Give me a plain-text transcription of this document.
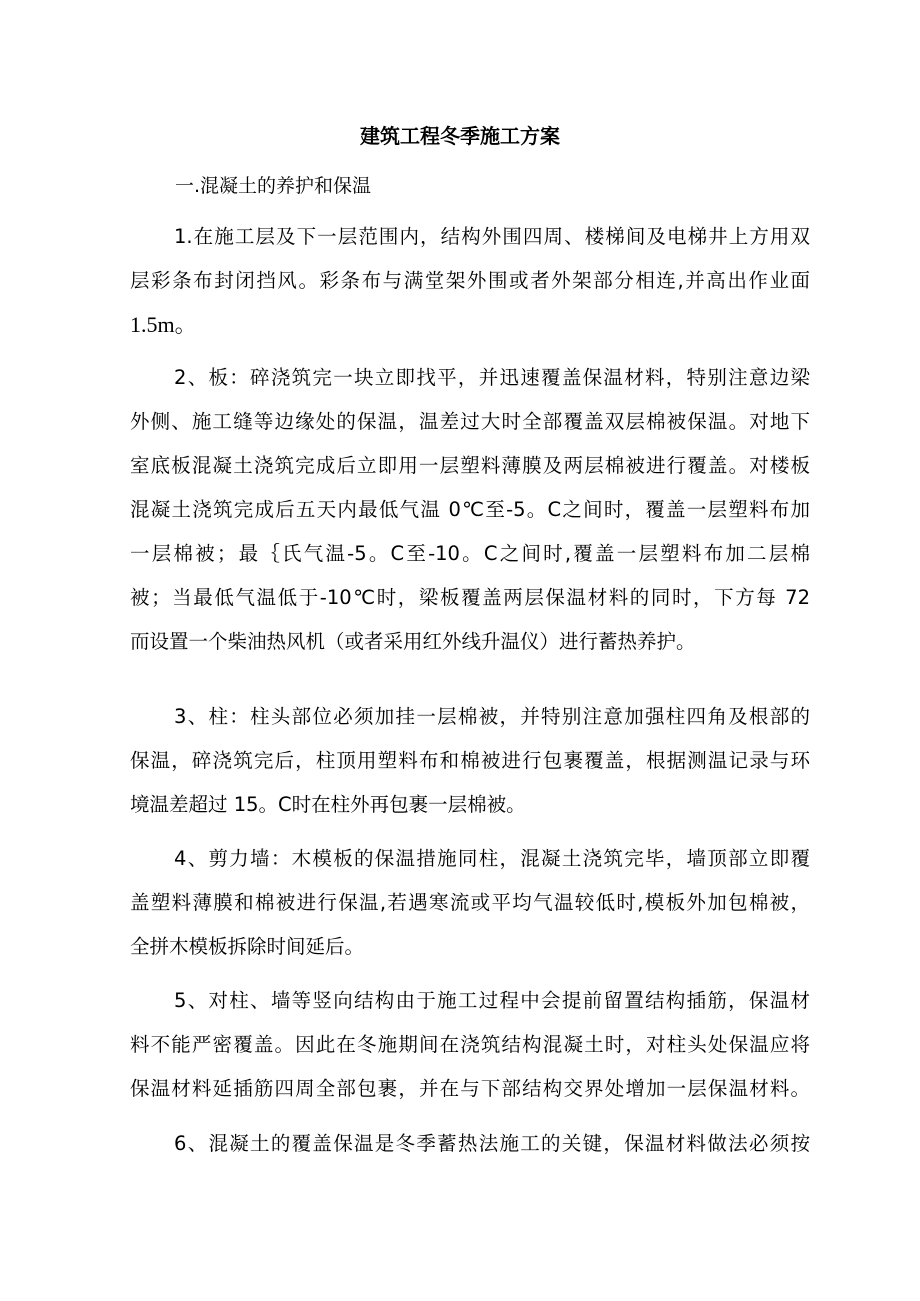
建筑工程冬季施工方案

一.混凝土的养护和保温

1.在施工层及下一层范围内，结构外围四周、楼梯间及电梯井上方用双
层彩条布封闭挡风。彩条布与满堂架外围或者外架部分相连,并高出作业面
1.5m。
2、板：碎浇筑完一块立即找平，并迅速覆盖保温材料，特别注意边梁
外侧、施工缝等边缘处的保温，温差过大时全部覆盖双层棉被保温。对地下
室底板混凝土浇筑完成后立即用一层塑料薄膜及两层棉被进行覆盖。对楼板
混凝土浇筑完成后五天内最低气温 0℃至-5。C之间时，覆盖一层塑料布加
一层棉被；最｛氏气温-5。C至-10。C之间时,覆盖一层塑料布加二层棉
被；当最低气温低于-10℃时，梁板覆盖两层保温材料的同时，下方每 72
而设置一个柴油热风机（或者采用红外线升温仪）进行蓄热养护。
3、柱：柱头部位必须加挂一层棉被，并特别注意加强柱四角及根部的
保温，碎浇筑完后，柱顶用塑料布和棉被进行包裹覆盖，根据测温记录与环
境温差超过 15。C时在柱外再包裹一层棉被。
4、剪力墙：木模板的保温措施同柱，混凝土浇筑完毕，墙顶部立即覆
盖塑料薄膜和棉被进行保温,若遇寒流或平均气温较低时,模板外加包棉被，
全拼木模板拆除时间延后。
5、对柱、墙等竖向结构由于施工过程中会提前留置结构插筋，保温材
料不能严密覆盖。因此在冬施期间在浇筑结构混凝土时，对柱头处保温应将
保温材料延插筋四周全部包裹，并在与下部结构交界处增加一层保温材料。
6、混凝土的覆盖保温是冬季蓄热法施工的关键，保温材料做法必须按
